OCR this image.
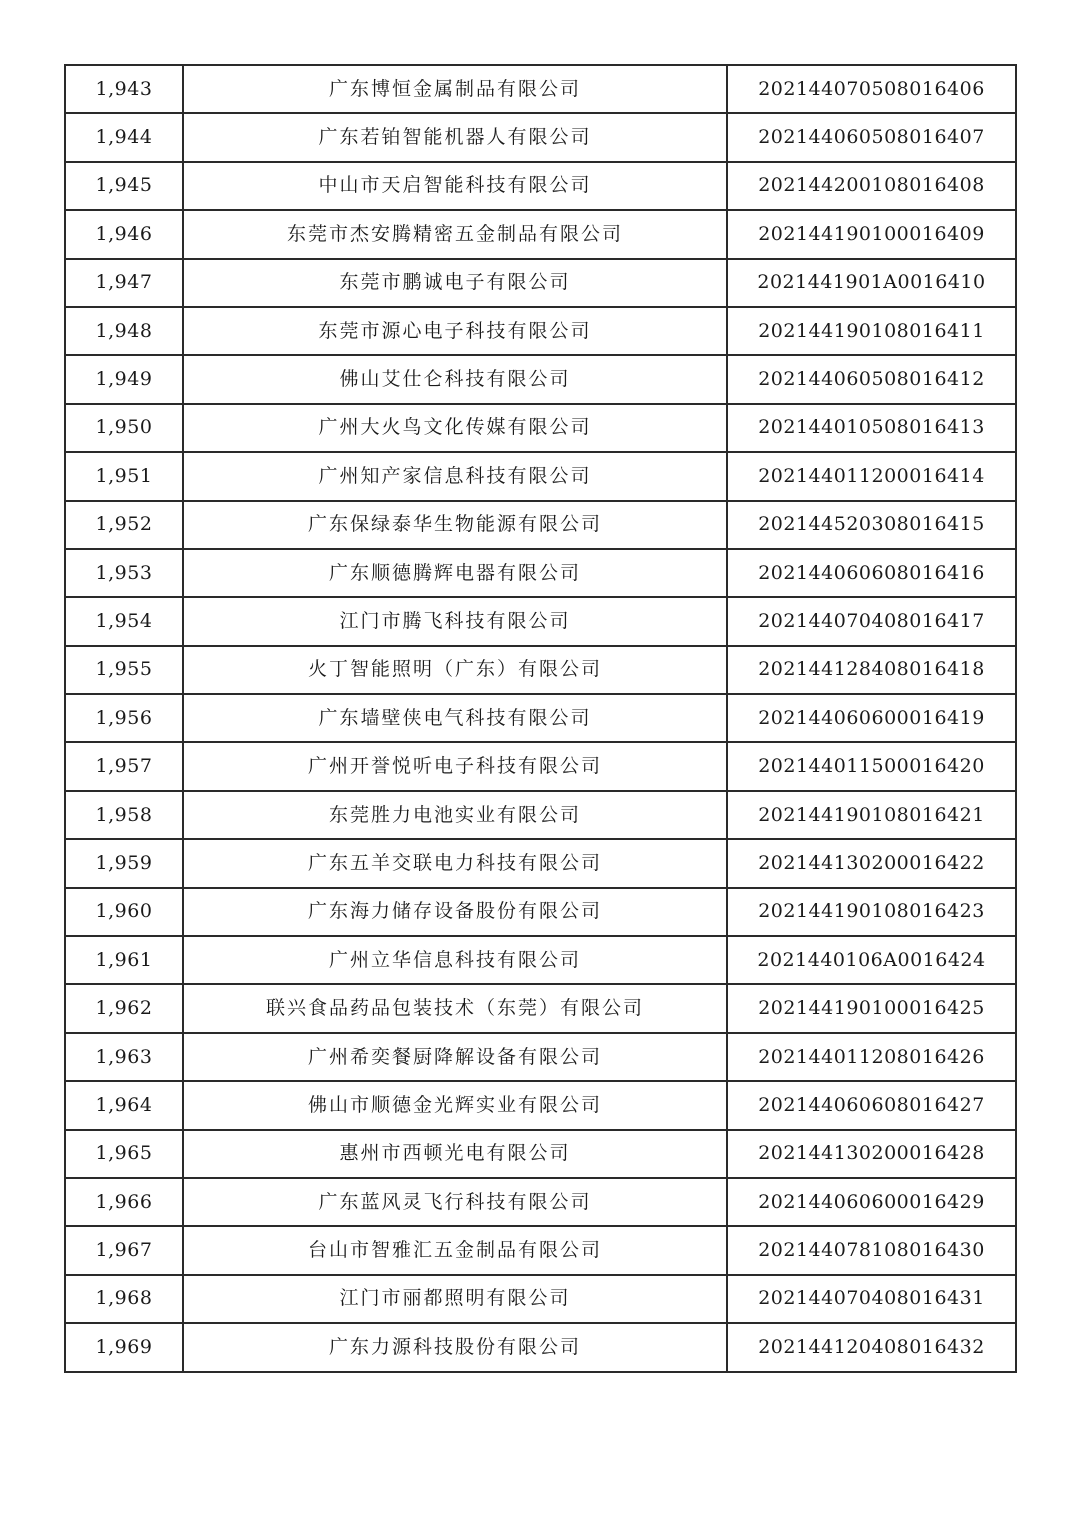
1,943	广东博恒金属制品有限公司	202144070508016406
1,944	广东若铂智能机器人有限公司	202144060508016407
1,945	中山市天启智能科技有限公司	202144200108016408
1,946	东莞市杰安腾精密五金制品有限公司	202144190100016409
1,947	东莞市鹏诚电子有限公司	2021441901A0016410
1,948	东莞市源心电子科技有限公司	202144190108016411
1,949	佛山艾仕仑科技有限公司	202144060508016412
1,950	广州大火鸟文化传媒有限公司	202144010508016413
1,951	广州知产家信息科技有限公司	202144011200016414
1,952	广东保绿泰华生物能源有限公司	202144520308016415
1,953	广东顺德腾辉电器有限公司	202144060608016416
1,954	江门市腾飞科技有限公司	202144070408016417
1,955	火丁智能照明（广东）有限公司	202144128408016418
1,956	广东墙壁侠电气科技有限公司	202144060600016419
1,957	广州开誉悦听电子科技有限公司	202144011500016420
1,958	东莞胜力电池实业有限公司	202144190108016421
1,959	广东五羊交联电力科技有限公司	202144130200016422
1,960	广东海力储存设备股份有限公司	202144190108016423
1,961	广州立华信息科技有限公司	2021440106A0016424
1,962	联兴食品药品包装技术（东莞）有限公司	202144190100016425
1,963	广州希奕餐厨降解设备有限公司	202144011208016426
1,964	佛山市顺德金光辉实业有限公司	202144060608016427
1,965	惠州市西顿光电有限公司	202144130200016428
1,966	广东蓝风灵飞行科技有限公司	202144060600016429
1,967	台山市智雅汇五金制品有限公司	202144078108016430
1,968	江门市丽都照明有限公司	202144070408016431
1,969	广东力源科技股份有限公司	202144120408016432
